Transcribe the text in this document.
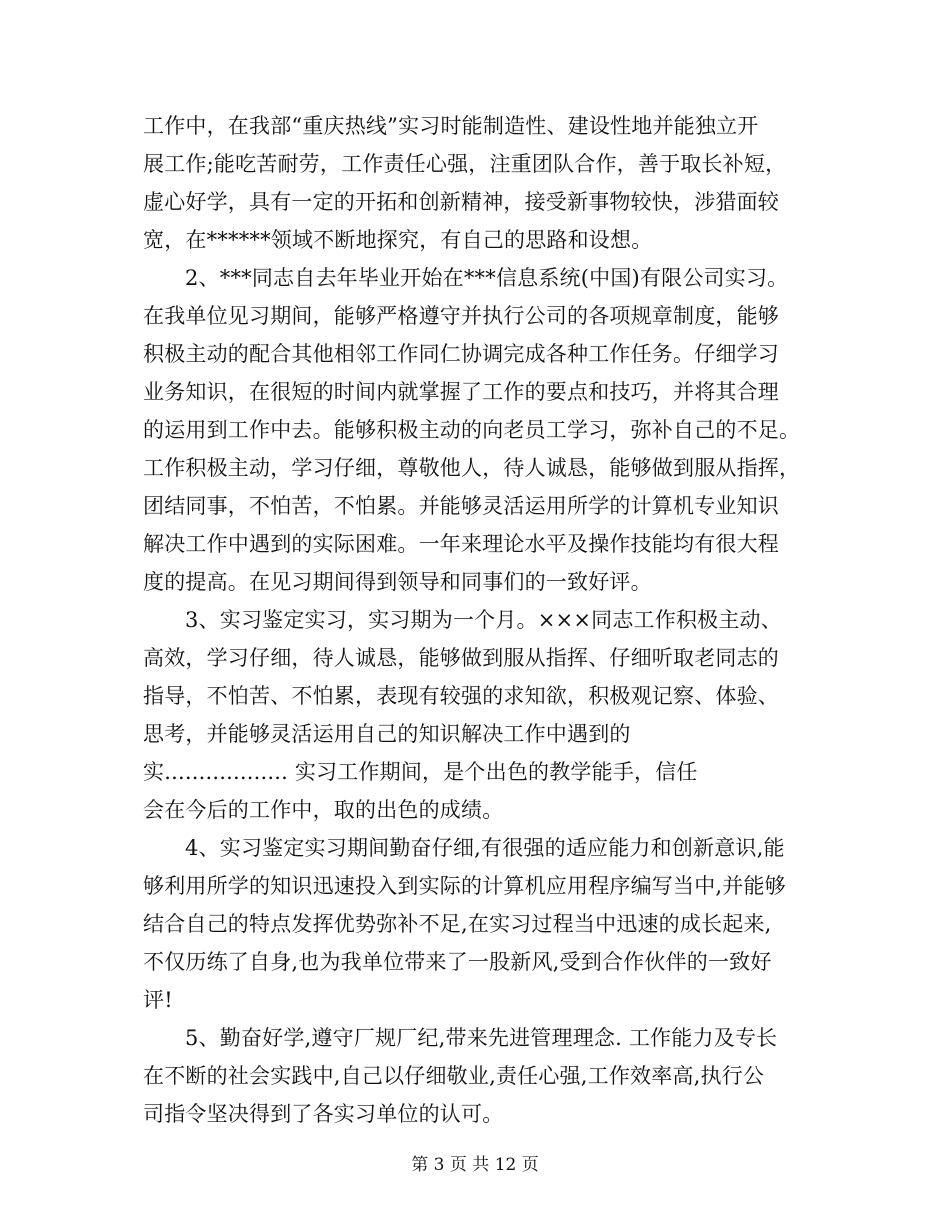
工作中，在我部“重庆热线”实习时能制造性、建设性地并能独立开
展工作;能吃苦耐劳，工作责任心强，注重团队合作，善于取长补短，
虚心好学，具有一定的开拓和创新精神，接受新事物较快，涉猎面较
宽，在******领域不断地探究，有自己的思路和设想。
2、***同志自去年毕业开始在***信息系统(中国)有限公司实习。
在我单位见习期间，能够严格遵守并执行公司的各项规章制度，能够
积极主动的配合其他相邻工作同仁协调完成各种工作任务。仔细学习
业务知识，在很短的时间内就掌握了工作的要点和技巧，并将其合理
的运用到工作中去。能够积极主动的向老员工学习，弥补自己的不足。
工作积极主动，学习仔细，尊敬他人，待人诚恳，能够做到服从指挥，
团结同事，不怕苦，不怕累。并能够灵活运用所学的计算机专业知识
解决工作中遇到的实际困难。一年来理论水平及操作技能均有很大程
度的提高。在见习期间得到领导和同事们的一致好评。
3、实习鉴定实习，实习期为一个月。×××同志工作积极主动、
高效，学习仔细，待人诚恳，能够做到服从指挥、仔细听取老同志的
指导，不怕苦、不怕累，表现有较强的求知欲，积极观记察、体验、
思考，并能够灵活运用自己的知识解决工作中遇到的
实.................. 实习工作期间，是个出色的教学能手，信任
会在今后的工作中，取的出色的成绩。
4、实习鉴定实习期间勤奋仔细,有很强的适应能力和创新意识,能
够利用所学的知识迅速投入到实际的计算机应用程序编写当中,并能够
结合自己的特点发挥优势弥补不足,在实习过程当中迅速的成长起来,
不仅历练了自身,也为我单位带来了一股新风,受到合作伙伴的一致好
评!
5、勤奋好学,遵守厂规厂纪,带来先进管理理念. 工作能力及专长
在不断的社会实践中,自己以仔细敬业,责任心强,工作效率高,执行公
司指令坚决得到了各实习单位的认可。
第 3 页 共 12 页
